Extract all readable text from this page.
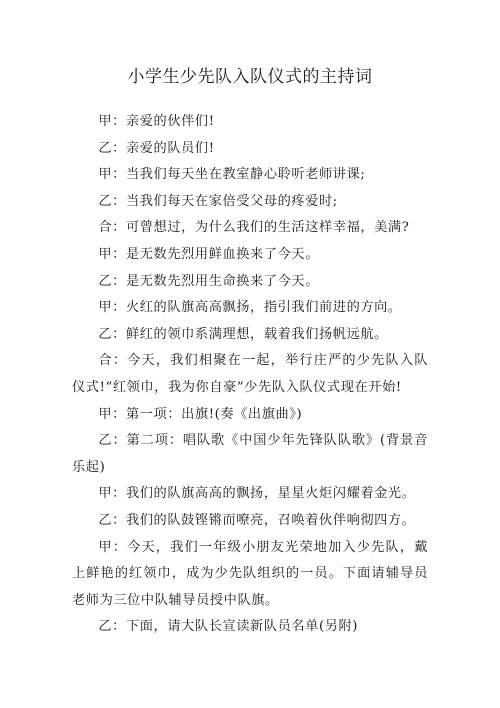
小学生少先队入队仪式的主持词

甲：亲爱的伙伴们!

乙：亲爱的队员们!

甲：当我们每天坐在教室静心聆听老师讲课;

乙：当我们每天在家倍受父母的疼爱时;

合：可曾想过，为什么我们的生活这样幸福，美满?

甲：是无数先烈用鲜血换来了今天。

乙：是无数先烈用生命换来了今天。

甲：火红的队旗高高飘扬，指引我们前进的方向。

乙：鲜红的领巾系满理想，载着我们扬帆远航。

合：今天，我们相聚在一起，举行庄严的少先队入队仪式!“红领巾，我为你自豪”少先队入队仪式现在开始!

甲：第一项：出旗!(奏《出旗曲》)

乙：第二项：唱队歌《中国少年先锋队队歌》(背景音乐起)

甲：我们的队旗高高的飘扬，星星火炬闪耀着金光。

乙：我们的队鼓铿锵而嘹亮，召唤着伙伴响彻四方。

甲：今天，我们一年级小朋友光荣地加入少先队，戴上鲜艳的红领巾，成为少先队组织的一员。下面请辅导员老师为三位中队辅导员授中队旗。

乙：下面，请大队长宣读新队员名单(另附)
